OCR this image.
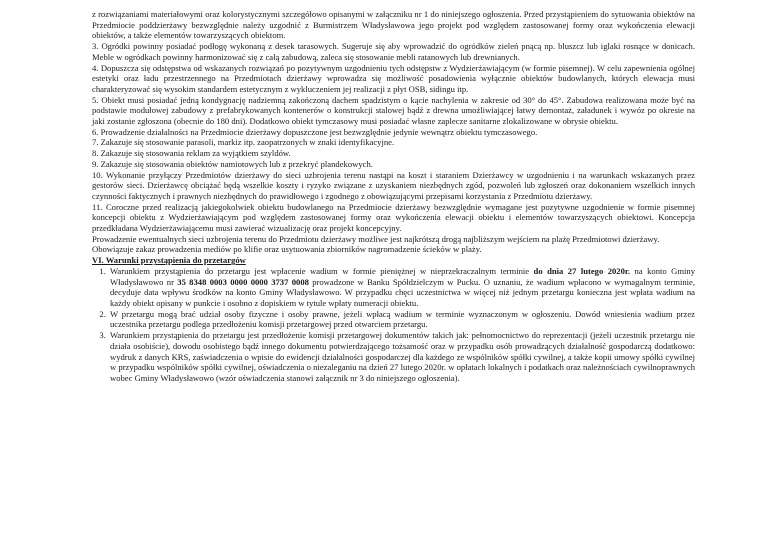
z rozwiązaniami materiałowymi oraz kolorystycznymi szczegółowo opisanymi w załączniku nr 1 do niniejszego ogłoszenia. Przed przystąpieniem do sytuowania obiektów na Przedmiocie poddzierżawy bezwzględnie należy uzgodnić z Burmistrzem Władysławowa jego projekt pod względem zastosowanej formy oraz wykończenia elewacji obiektów, a także elementów towarzyszących obiektom.

3. Ogródki powinny posiadać podłogę wykonaną z desek tarasowych. Sugeruje się aby wprowadzić do ogródków zieleń pnącą np. bluszcz lub iglaki rosnące w donicach. Meble w ogródkach powinny harmonizować się z całą zabudową, zaleca się stosowanie mebli ratanowych lub drewnianych.

4. Dopuszcza się odstępstwa od wskazanych rozwiązań po pozytywnym uzgodnieniu tych odstępstw z Wydzierżawiającym (w formie pisemnej). W celu zapewnienia ogólnej estetyki oraz ładu przestrzennego na Przedmiotach dzierżawy wprowadza się możliwość posadowienia wyłącznie obiektów budowlanych, których elewacja musi charakteryzować się wysokim standardem estetycznym z wykluczeniem jej realizacji z płyt OSB, sidingu itp.

5. Obiekt musi posiadać jedną kondygnację nadziemną zakończoną dachem spadzistym o kącie nachylenia w zakresie od 30° do 45°. Zabudowa realizowana może być na podstawie modułowej zabudowy z prefabrykowanych kontenerów o konstrukcji stalowej bądź z drewna umożliwiającej łatwy demontaż, załadunek i wywóz po okresie na jaki zostanie zgłoszona (obecnie do 180 dni). Dodatkowo obiekt tymczasowy musi posiadać własne zaplecze sanitarne zlokalizowane w obrysie obiektu.

6. Prowadzenie działalności na Przedmiocie dzierżawy dopuszczone jest bezwzględnie jedynie wewnątrz obiektu tymczasowego.

7. Zakazuje się stosowanie parasoli, markiz itp. zaopatrzonych w znaki identyfikacyjne.

8. Zakazuje się stosowania reklam za wyjątkiem szyldów.

9. Zakazuje się stosowania obiektów namiotowych lub z przekryć plandekowych.

10. Wykonanie przyłączy Przedmiotów dzierżawy do sieci uzbrojenia terenu nastąpi na koszt i staraniem Dzierżawcy w uzgodnieniu i na warunkach wskazanych przez gestorów sieci. Dzierżawcę obciążać będą wszelkie koszty i ryzyko związane z uzyskaniem niezbędnych zgód, pozwoleń lub zgłoszeń oraz dokonaniem wszelkich innych czynności faktycznych i prawnych niezbędnych do prawidłowego i zgodnego z obowiązującymi przepisami korzystania z Przedmiotu dzierżawy.

11. Coroczne przed realizacją jakiegokolwiek obiektu budowlanego na Przedmiocie dzierżawy bezwzględnie wymagane jest pozytywne uzgodnienie w formie pisemnej koncepcji obiektu z Wydzierżawiającym pod względem zastosowanej formy oraz wykończenia elewacji obiektu i elementów towarzyszących obiektowi. Koncepcja przedkładana Wydzierżawiającemu musi zawierać wizualizację oraz projekt koncepcyjny.

Prowadzenie ewentualnych sieci uzbrojenia terenu do Przedmiotu dzierżawy możliwe jest najkrótszą drogą najbliższym wejściem na plażę Przedmiotowi dzierżawy.

Obowiązuje zakaz prowadzenia mediów po klifie oraz usytuowania zbiorników nagromadzenie ścieków w plaży.

VI. Warunki przystąpienia do przetargów

1. Warunkiem przystąpienia do przetargu jest wpłacenie wadium w formie pieniężnej w nieprzekraczalnym terminie do dnia 27 lutego 2020r. na konto Gminy Władysławowo nr 35 8348 0003 0000 0000 3737 0008 prowadzone w Banku Spółdzielczym w Pucku. O uznaniu, że wadium wpłacono w wymagalnym terminie, decyduje data wpływu środków na konto Gminy Władysławowo. W przypadku chęci uczestnictwa w więcej niż jednym przetargu konieczna jest wpłata wadium na każdy obiekt opisany w punkcie i osobno z dopiskiem w tytule wpłaty numeracji obiektu.
2. W przetargu mogą brać udział osoby fizyczne i osoby prawne, jeżeli wpłacą wadium w terminie wyznaczonym w ogłoszeniu. Dowód wniesienia wadium przez uczestnika przetargu podlega przedłożeniu komisji przetargowej przed otwarciem przetargu.
3. Warunkiem przystąpienia do przetargu jest przedłożenie komisji przetargowej dokumentów takich jak: pełnomocnictwo do reprezentacji (jeżeli uczestnik przetargu nie działa osobiście), dowodu osobistego bądź innego dokumentu potwierdzającego tożsamość oraz w przypadku osób prowadzących działalność gospodarczą dodatkowo: wydruk z danych KRS, zaświadczenia o wpisie do ewidencji działalności gospodarczej dla każdego ze wspólników spółki cywilnej, a także kopii umowy spółki cywilnej w przypadku wspólników spółki cywilnej, oświadczenia o niezaleganiu na dzień 27 lutego 2020r. w opłatach lokalnych i podatkach oraz należnościach cywilnoprawnych wobec Gminy Władysławowo (wzór oświadczenia stanowi załącznik nr 3 do niniejszego ogłoszenia).
